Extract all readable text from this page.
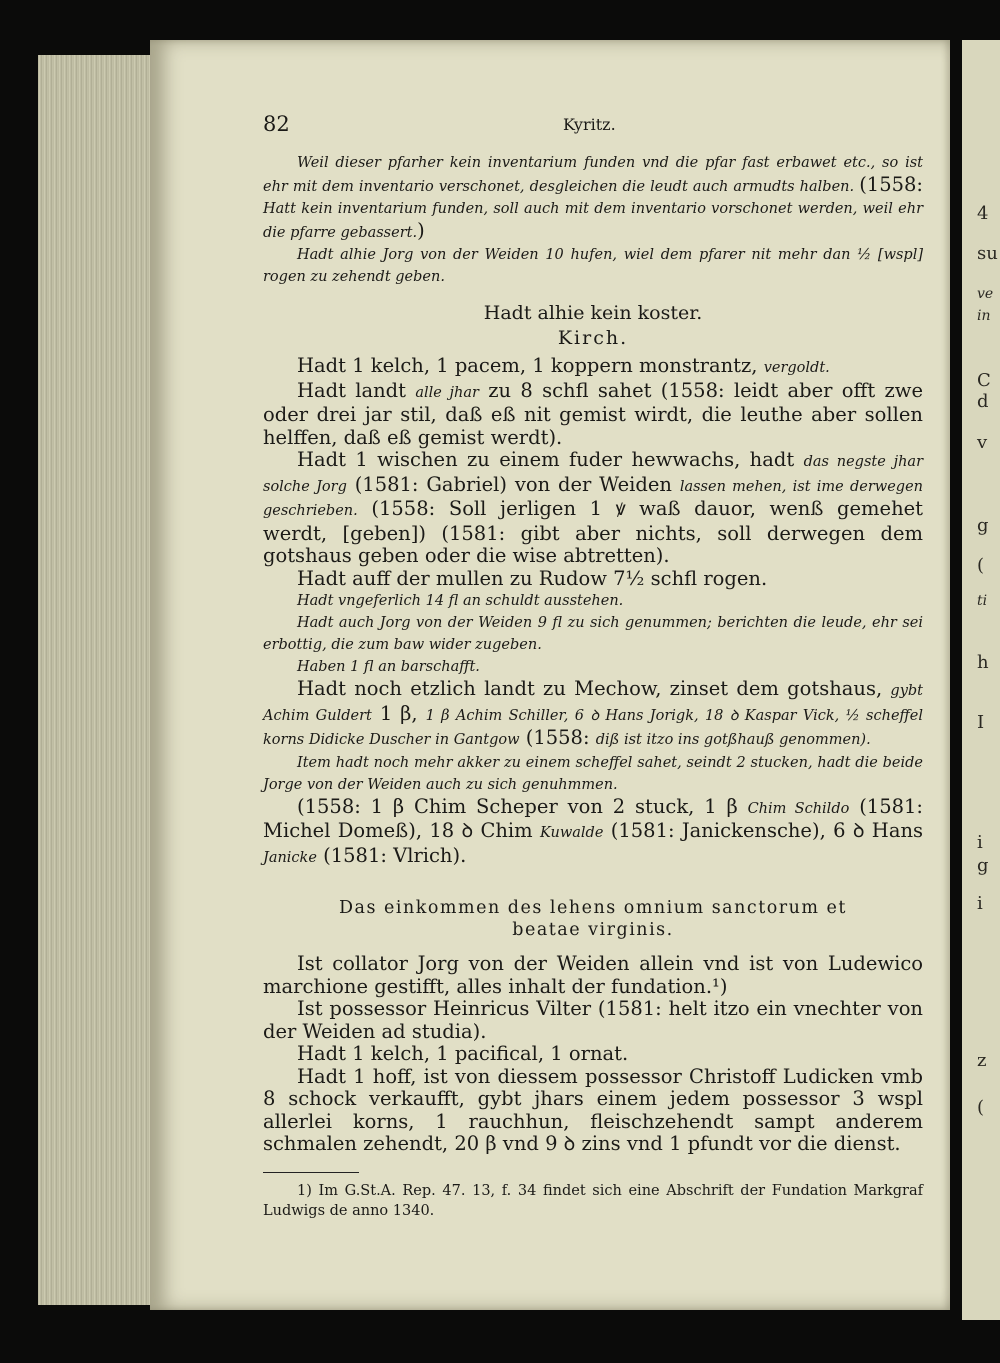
4
su
ve
in
C
d
v
g
(
ti
h
I
i
g
i
z
(
82	Kyritz.

Weil dieser pfarher kein inventarium funden vnd die pfar fast erbawet etc., so ist ehr mit dem inventario verschonet, desgleichen die leudt auch armudts halben. (1558: Hatt kein inventarium funden, soll auch mit dem inventario vorschonet werden, weil ehr die pfarre gebassert.)

Hadt alhie Jorg von der Weiden 10 hufen, wiel dem pfarer nit mehr dan ½ [wspl] rogen zu zehendt geben.

Hadt alhie kein koster.

Kirch.

Hadt 1 kelch, 1 pacem, 1 koppern monstrantz, vergoldt.

Hadt landt alle jhar zu 8 schfl sahet (1558: leidt aber offt zwe oder drei jar stil, daß eß nit gemist wirdt, die leuthe aber sollen helffen, daß eß gemist werdt).

Hadt 1 wischen zu einem fuder hewwachs, hadt das negste jhar solche Jorg (1581: Gabriel) von der Weiden lassen mehen, ist ime derwegen geschrieben. (1558: Soll jerligen 1 ꝟ waß dauor, wenß gemehet werdt, [geben]) (1581: gibt aber nichts, soll derwegen dem gotshaus geben oder die wise abtretten).

Hadt auff der mullen zu Rudow 7½ schfl rogen.

Hadt vngeferlich 14 fl an schuldt ausstehen.

Hadt auch Jorg von der Weiden 9 fl zu sich genummen; berichten die leude, ehr sei erbottig, die zum baw wider zugeben.

Haben 1 fl an barschafft.

Hadt noch etzlich landt zu Mechow, zinset dem gotshaus, gybt Achim Guldert 1 β, 1 β Achim Schiller, 6 ꝺ Hans Jorigk, 18 ꝺ Kaspar Vick, ½ scheffel korns Didicke Duscher in Gantgow (1558: diß ist itzo ins gotßhauß genommen).

Item hadt noch mehr akker zu einem scheffel sahet, seindt 2 stucken, hadt die beide Jorge von der Weiden auch zu sich genuhmmen.

(1558: 1 β Chim Scheper von 2 stuck, 1 β Chim Schildo (1581: Michel Domeß), 18 ꝺ Chim Kuwalde (1581: Janickensche), 6 ꝺ Hans Janicke (1581: Vlrich).

Das einkommen des lehens omnium sanctorum et
beatae virginis.

Ist collator Jorg von der Weiden allein vnd ist von Ludewico marchione gestifft, alles inhalt der fundation.¹)

Ist possessor Heinricus Vilter (1581: helt itzo ein vnechter von der Weiden ad studia).

Hadt 1 kelch, 1 pacifical, 1 ornat.

Hadt 1 hoff, ist von diessem possessor Christoff Ludicken vmb 8 schock verkaufft, gybt jhars einem jedem possessor 3 wspl allerlei korns, 1 rauchhun, fleischzehendt sampt anderem schmalen zehendt, 20 β vnd 9 ꝺ zins vnd 1 pfundt vor die dienst.

1) Im G.St.A. Rep. 47. 13, f. 34 findet sich eine Abschrift der Fundation Markgraf Ludwigs de anno 1340.
